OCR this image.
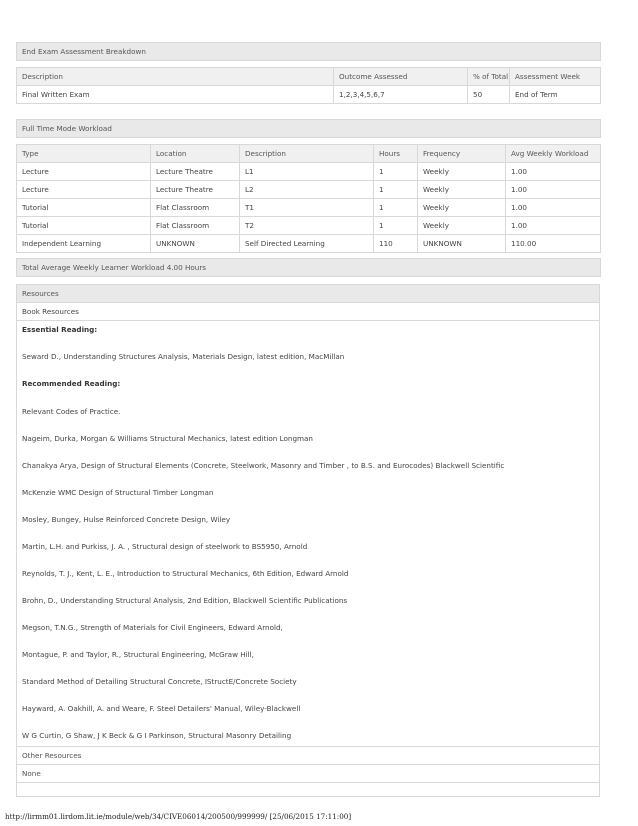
End Exam Assessment Breakdown			

Description	Outcome Assessed	% of Total	Assessment Week
Final Written Exam	1,2,3,4,5,6,7	50	End of Term
Full Time Mode Workload					

Type	Location	Description	Hours	Frequency	Avg Weekly Workload
Lecture	Lecture Theatre	L1	1	Weekly	1.00
Lecture	Lecture Theatre	L2	1	Weekly	1.00
Tutorial	Flat Classroom	T1	1	Weekly	1.00
Tutorial	Flat Classroom	T2	1	Weekly	1.00
Independent Learning	UNKNOWN	Self Directed Learning	110	UNKNOWN	110.00

Total Average Weekly Learner Workload 4.00 Hours					
Resources
Book Resources
Essential Reading:
Seward D., Understanding Structures Analysis, Materials Design, latest edition, MacMillan
Recommended Reading:
Relevant Codes of Practice.
Nageim, Durka, Morgan & Williams Structural Mechanics, latest edition Longman
Chanakya Arya, Design of Structural Elements (Concrete, Steelwork, Masonry and Timber , to B.S. and Eurocodes) Blackwell Scientific
McKenzie WMC Design of Structural Timber Longman
Mosley, Bungey, Hulse Reinforced Concrete Design, Wiley
Martin, L.H. and Purkiss, J. A. , Structural design of steelwork to BS5950, Arnold
Reynolds, T. J., Kent, L. E., Introduction to Structural Mechanics, 6th Edition, Edward Arnold
Brohn, D., Understanding Structural Analysis, 2nd Edition, Blackwell Scientific Publications
Megson, T.N.G., Strength of Materials for Civil Engineers, Edward Arnold,
Montague, P. and Taylor, R., Structural Engineering, McGraw Hill,
Standard Method of Detailing Structural Concrete, IStructE/Concrete Society
Hayward, A. Oakhill, A. and Weare, F. Steel Detailers' Manual, Wiley-Blackwell
W G Curtin, G Shaw, J K Beck & G I Parkinson, Structural Masonry Detailing
Other Resources
None
http://lirmm01.lirdom.lit.ie/module/web/34/CIVE06014/200500/999999/ [25/06/2015 17:11:00]
